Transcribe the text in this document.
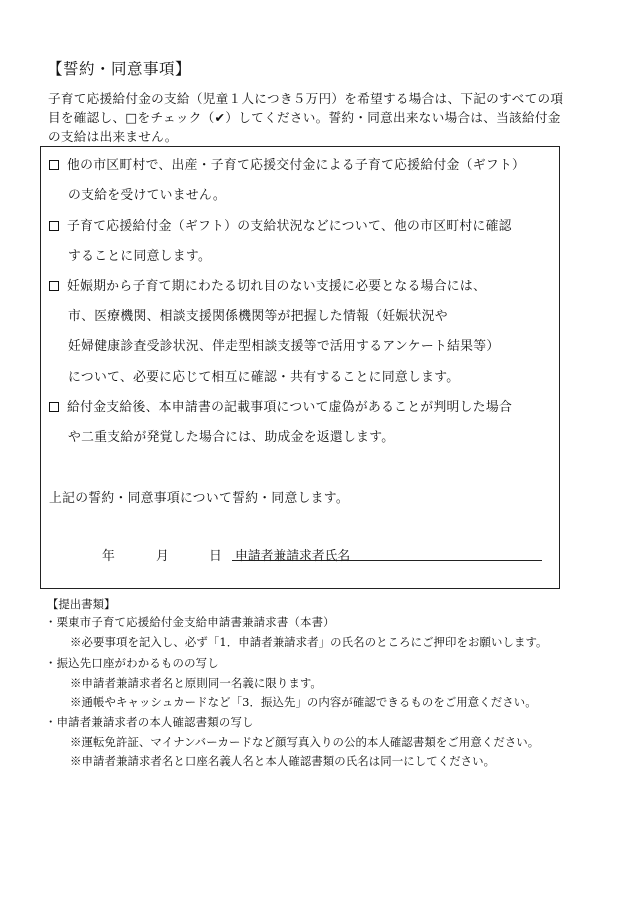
【誓約・同意事項】
子育て応援給付金の支給（児童１人につき５万円）を希望する場合は、下記のすべての項
目を確認し、□をチェック（✔）してください。誓約・同意出来ない場合は、当該給付金
の支給は出来ません。
他の市区町村で、出産・子育て応援交付金による子育て応援給付金（ギフト）
の支給を受けていません。
子育て応援給付金（ギフト）の支給状況などについて、他の市区町村に確認
することに同意します。
妊娠期から子育て期にわたる切れ目のない支援に必要となる場合には、
市、医療機関、相談支援関係機関等が把握した情報（妊娠状況や
妊婦健康診査受診状況、伴走型相談支援等で活用するアンケート結果等）
について、必要に応じて相互に確認・共有することに同意します。
給付金支給後、本申請書の記載事項について虚偽があることが判明した場合
や二重支給が発覚した場合には、助成金を返還します。
上記の誓約・同意事項について誓約・同意します。
年	月	日 申請者兼請求者氏名
【提出書類】
・栗東市子育て応援給付金支給申請書兼請求書（本書）
※必要事項を記入し、必ず「1．申請者兼請求者」の氏名のところにご押印をお願いします。
・振込先口座がわかるものの写し
※申請者兼請求者名と原則同一名義に限ります。
※通帳やキャッシュカードなど「3．振込先」の内容が確認できるものをご用意ください。
・申請者兼請求者の本人確認書類の写し
※運転免許証、マイナンバーカードなど顔写真入りの公的本人確認書類をご用意ください。
※申請者兼請求者名と口座名義人名と本人確認書類の氏名は同一にしてください。
